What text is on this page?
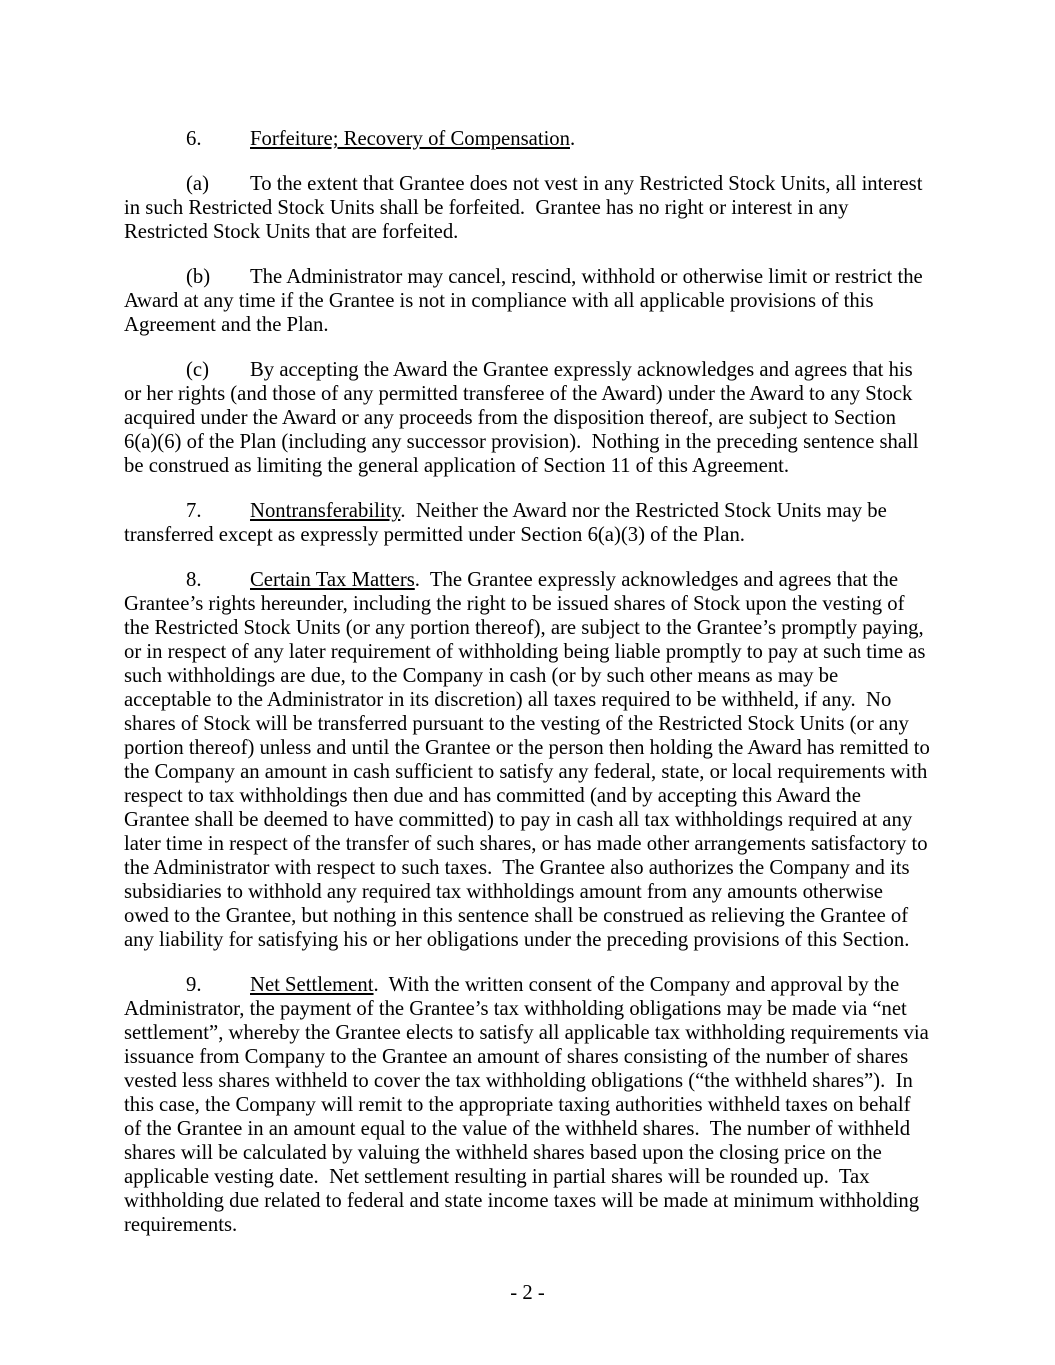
6. Forfeiture; Recovery of Compensation.

(a) To the extent that Grantee does not vest in any Restricted Stock Units, all interest in such Restricted Stock Units shall be forfeited.  Grantee has no right or interest in any Restricted Stock Units that are forfeited.

(b) The Administrator may cancel, rescind, withhold or otherwise limit or restrict the Award at any time if the Grantee is not in compliance with all applicable provisions of this Agreement and the Plan.

(c) By accepting the Award the Grantee expressly acknowledges and agrees that his or her rights (and those of any permitted transferee of the Award) under the Award to any Stock acquired under the Award or any proceeds from the disposition thereof, are subject to Section 6(a)(6) of the Plan (including any successor provision).  Nothing in the preceding sentence shall be construed as limiting the general application of Section 11 of this Agreement.

7. Nontransferability.  Neither the Award nor the Restricted Stock Units may be transferred except as expressly permitted under Section 6(a)(3) of the Plan.

8. Certain Tax Matters.  The Grantee expressly acknowledges and agrees that the Grantee’s rights hereunder, including the right to be issued shares of Stock upon the vesting of the Restricted Stock Units (or any portion thereof), are subject to the Grantee’s promptly paying, or in respect of any later requirement of withholding being liable promptly to pay at such time as such withholdings are due, to the Company in cash (or by such other means as may be acceptable to the Administrator in its discretion) all taxes required to be withheld, if any.  No shares of Stock will be transferred pursuant to the vesting of the Restricted Stock Units (or any portion thereof) unless and until the Grantee or the person then holding the Award has remitted to the Company an amount in cash sufficient to satisfy any federal, state, or local requirements with respect to tax withholdings then due and has committed (and by accepting this Award the Grantee shall be deemed to have committed) to pay in cash all tax withholdings required at any later time in respect of the transfer of such shares, or has made other arrangements satisfactory to the Administrator with respect to such taxes.  The Grantee also authorizes the Company and its subsidiaries to withhold any required tax withholdings amount from any amounts otherwise owed to the Grantee, but nothing in this sentence shall be construed as relieving the Grantee of any liability for satisfying his or her obligations under the preceding provisions of this Section.

9. Net Settlement.  With the written consent of the Company and approval by the Administrator, the payment of the Grantee’s tax withholding obligations may be made via “net settlement”, whereby the Grantee elects to satisfy all applicable tax withholding requirements via issuance from Company to the Grantee an amount of shares consisting of the number of shares vested less shares withheld to cover the tax withholding obligations (“the withheld shares”).  In this case, the Company will remit to the appropriate taxing authorities withheld taxes on behalf of the Grantee in an amount equal to the value of the withheld shares.  The number of withheld shares will be calculated by valuing the withheld shares based upon the closing price on the applicable vesting date.  Net settlement resulting in partial shares will be rounded up.  Tax withholding due related to federal and state income taxes will be made at minimum withholding requirements.

- 2 -
